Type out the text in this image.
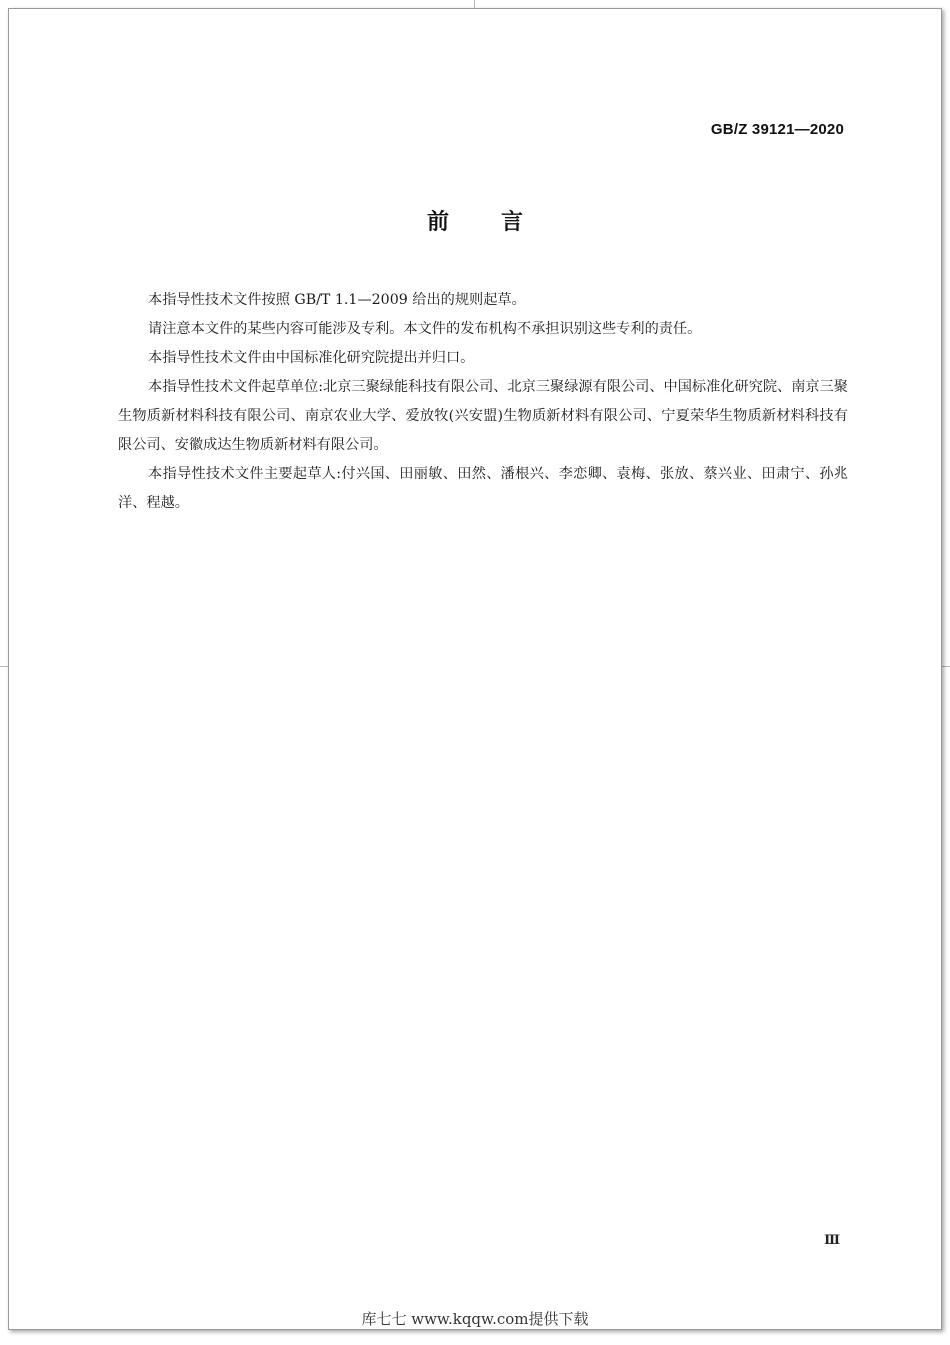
GB/Z 39121—2020
前言

本指导性技术文件按照 GB/T 1.1—2009 给出的规则起草。

请注意本文件的某些内容可能涉及专利。本文件的发布机构不承担识别这些专利的责任。

本指导性技术文件由中国标准化研究院提出并归口。

本指导性技术文件起草单位:北京三聚绿能科技有限公司、北京三聚绿源有限公司、中国标准化研究院、南京三聚生物质新材料科技有限公司、南京农业大学、爱放牧(兴安盟)生物质新材料有限公司、宁夏荣华生物质新材料科技有限公司、安徽成达生物质新材料有限公司。

本指导性技术文件主要起草人:付兴国、田丽敏、田然、潘根兴、李恋卿、袁梅、张放、蔡兴业、田肃宁、孙兆洋、程越。

Ⅲ
库七七 www.kqqw.com提供下载
